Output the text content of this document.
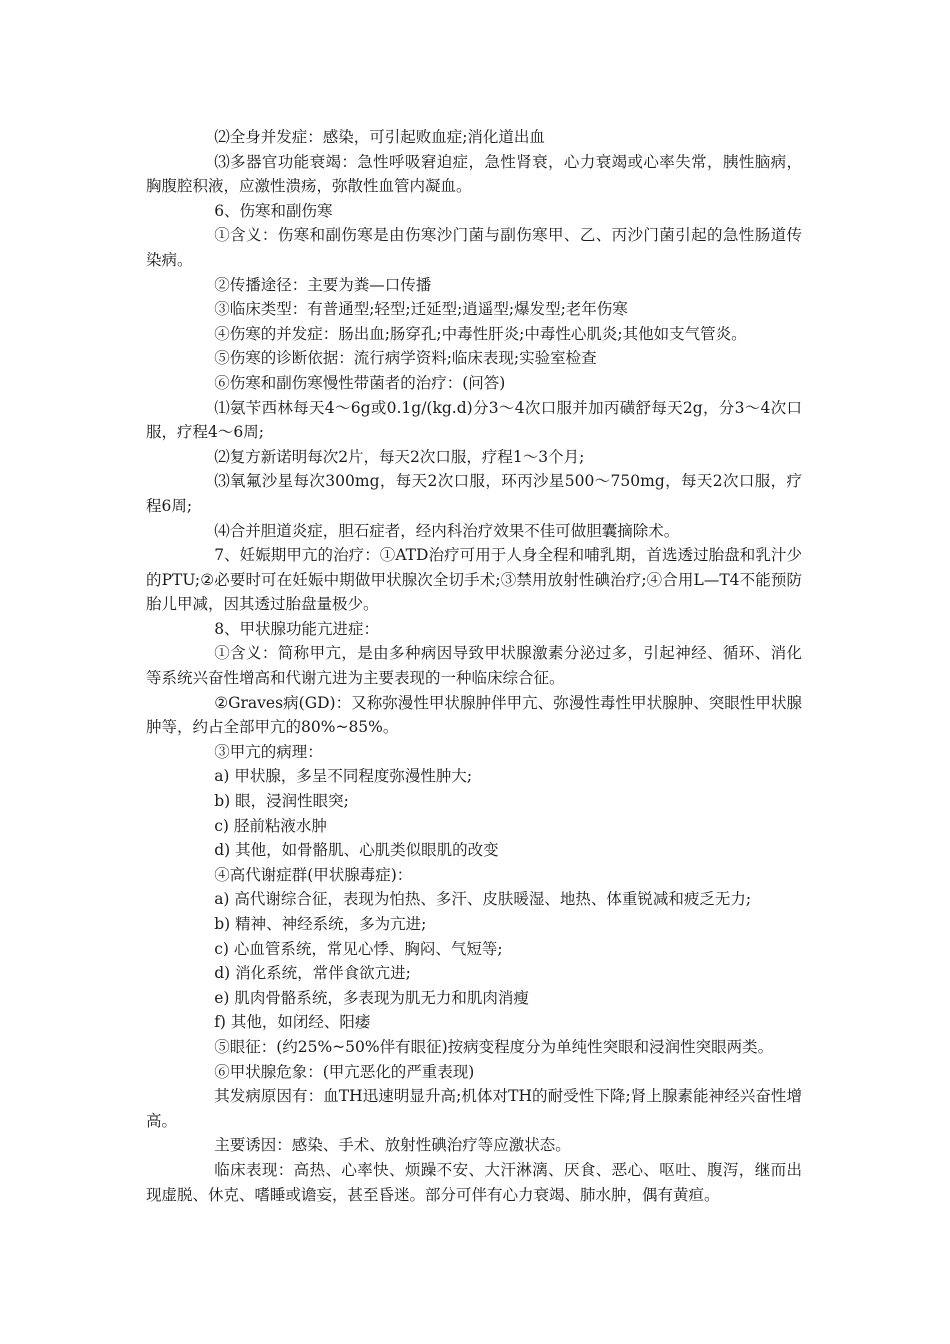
⑵全身并发症：感染，可引起败血症;消化道出血

⑶多器官功能衰竭：急性呼吸窘迫症，急性肾衰，心力衰竭或心率失常，胰性脑病，胸腹腔积液，应激性溃疡，弥散性血管内凝血。

6、伤寒和副伤寒

①含义：伤寒和副伤寒是由伤寒沙门菌与副伤寒甲、乙、丙沙门菌引起的急性肠道传染病。

②传播途径：主要为粪—口传播

③临床类型：有普通型;轻型;迁延型;逍遥型;爆发型;老年伤寒

④伤寒的并发症：肠出血;肠穿孔;中毒性肝炎;中毒性心肌炎;其他如支气管炎。

⑤伤寒的诊断依据：流行病学资料;临床表现;实验室检查

⑥伤寒和副伤寒慢性带菌者的治疗：(问答)

⑴氨苄西林每天4～6g或0.1g/(kg.d)分3～4次口服并加丙磺舒每天2g，分3～4次口服，疗程4～6周;

⑵复方新诺明每次2片，每天2次口服，疗程1～3个月;

⑶氧氟沙星每次300mg，每天2次口服，环丙沙星500～750mg，每天2次口服，疗程6周;

⑷合并胆道炎症，胆石症者，经内科治疗效果不佳可做胆囊摘除术。

7、妊娠期甲亢的治疗：①ATD治疗可用于人身全程和哺乳期，首选透过胎盘和乳汁少的PTU;②必要时可在妊娠中期做甲状腺次全切手术;③禁用放射性碘治疗;④合用L—T4不能预防胎儿甲减，因其透过胎盘量极少。

8、甲状腺功能亢进症：

①含义：简称甲亢，是由多种病因导致甲状腺激素分泌过多，引起神经、循环、消化等系统兴奋性增高和代谢亢进为主要表现的一种临床综合征。

②Graves病(GD)：又称弥漫性甲状腺肿伴甲亢、弥漫性毒性甲状腺肿、突眼性甲状腺肿等，约占全部甲亢的80%~85%。

③甲亢的病理：

a) 甲状腺，多呈不同程度弥漫性肿大;

b) 眼，浸润性眼突;

c) 胫前粘液水肿

d) 其他，如骨骼肌、心肌类似眼肌的改变

④高代谢症群(甲状腺毒症)：

a) 高代谢综合征，表现为怕热、多汗、皮肤暖湿、地热、体重锐减和疲乏无力;

b) 精神、神经系统，多为亢进;

c) 心血管系统，常见心悸、胸闷、气短等;

d) 消化系统，常伴食欲亢进;

e) 肌肉骨骼系统，多表现为肌无力和肌肉消瘦

f) 其他，如闭经、阳痿

⑤眼征：(约25%~50%伴有眼征)按病变程度分为单纯性突眼和浸润性突眼两类。

⑥甲状腺危象：(甲亢恶化的严重表现)

其发病原因有：血TH迅速明显升高;机体对TH的耐受性下降;肾上腺素能神经兴奋性增高。

主要诱因：感染、手术、放射性碘治疗等应激状态。

临床表现：高热、心率快、烦躁不安、大汗淋漓、厌食、恶心、呕吐、腹泻，继而出现虚脱、休克、嗜睡或谵妄，甚至昏迷。部分可伴有心力衰竭、肺水肿，偶有黄疸。
